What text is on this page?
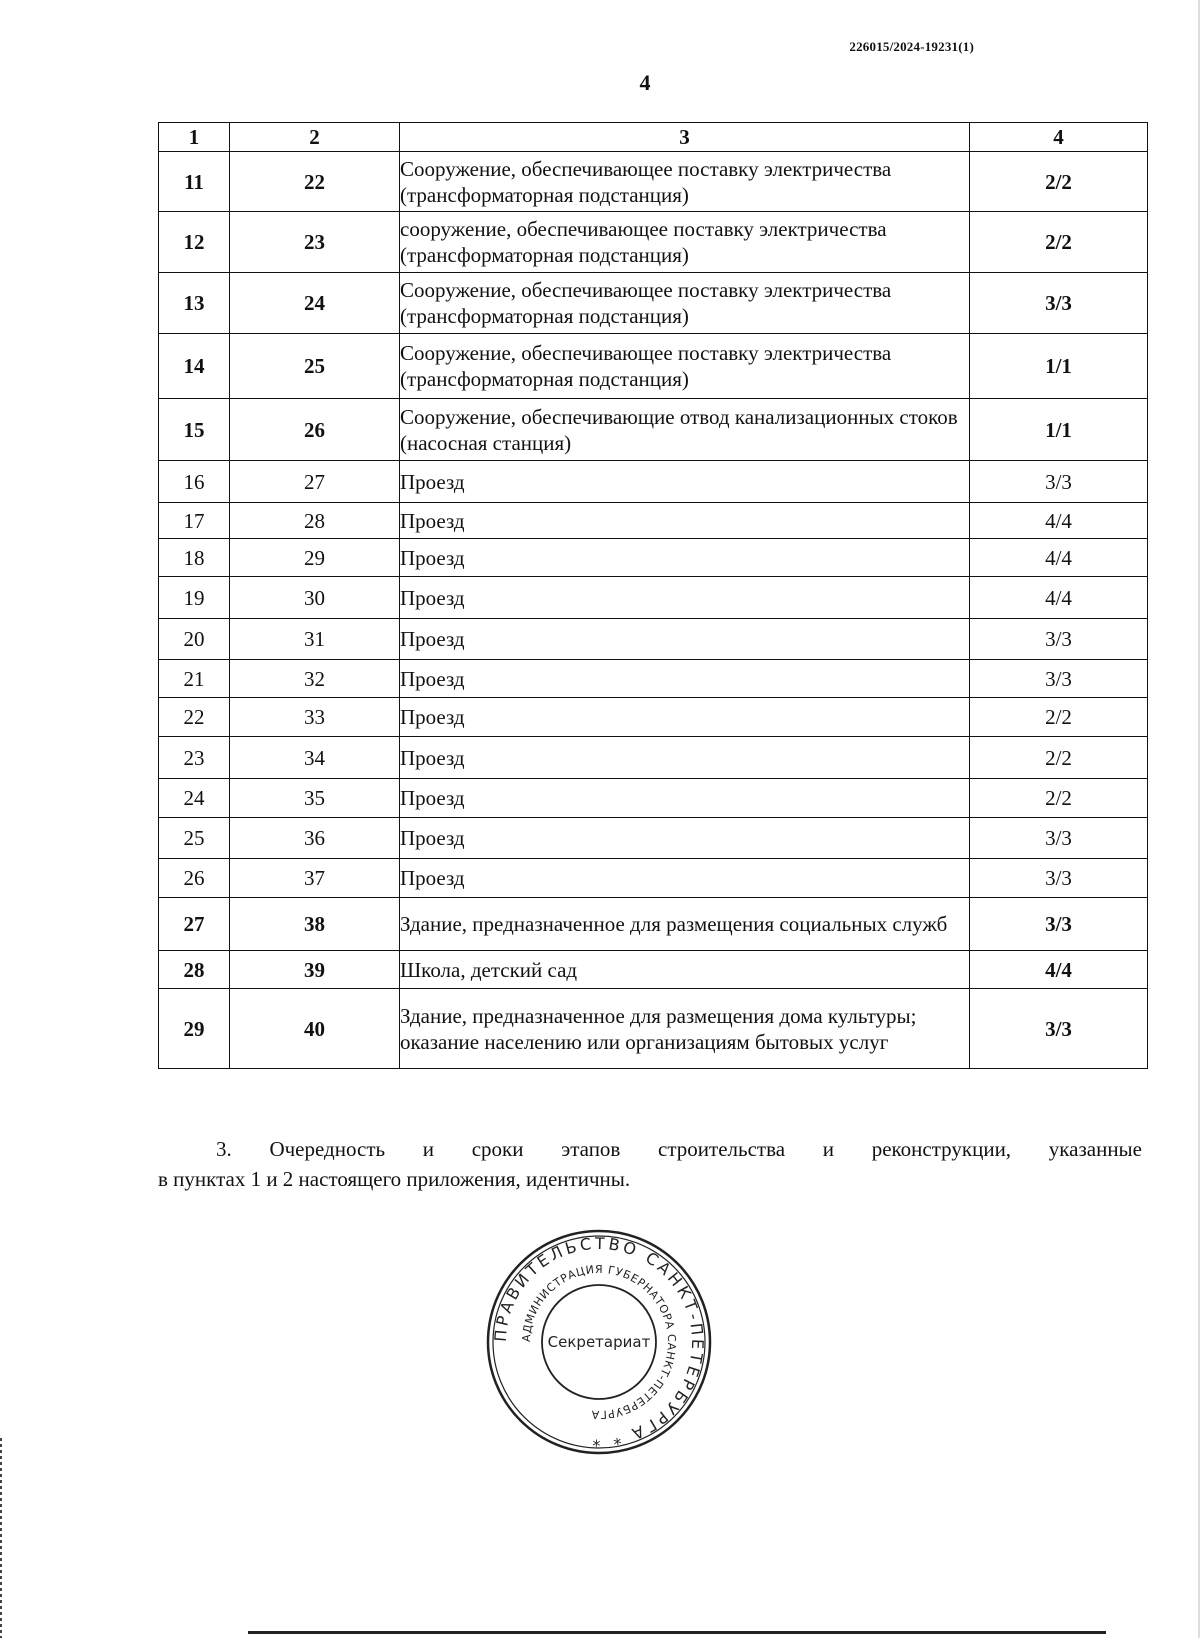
226015/2024-19231(1)
4
1	2	3	4
11	22	Сооружение, обеспечивающее поставку электричества (трансформаторная подстанция)	2/2
12	23	сооружение, обеспечивающее поставку электричества (трансформаторная подстанция)	2/2
13	24	Сооружение, обеспечивающее поставку электричества (трансформаторная подстанция)	3/3
14	25	Сооружение, обеспечивающее поставку электричества (трансформаторная подстанция)	1/1
15	26	Сооружение, обеспечивающие отвод канализационных стоков (насосная станция)	1/1
16	27	Проезд	3/3
17	28	Проезд	4/4
18	29	Проезд	4/4
19	30	Проезд	4/4
20	31	Проезд	3/3
21	32	Проезд	3/3
22	33	Проезд	2/2
23	34	Проезд	2/2
24	35	Проезд	2/2
25	36	Проезд	3/3
26	37	Проезд	3/3
27	38	Здание, предназначенное для размещения социальных служб	3/3
28	39	Школа, детский сад	4/4
29	40	Здание, предназначенное для размещения дома культуры; оказание населению или организациям бытовых услуг	3/3
3. Очередность и сроки этапов строительства и реконструкции, указанные
в пунктах 1 и 2 настоящего приложения, идентичны.
ПРАВИТЕЛЬСТВО САНКТ-ПЕТЕРБУРГА * *
АДМИНИСТРАЦИЯ ГУБЕРНАТОРА САНКТ-ПЕТЕРБУРГА
Секретариат
